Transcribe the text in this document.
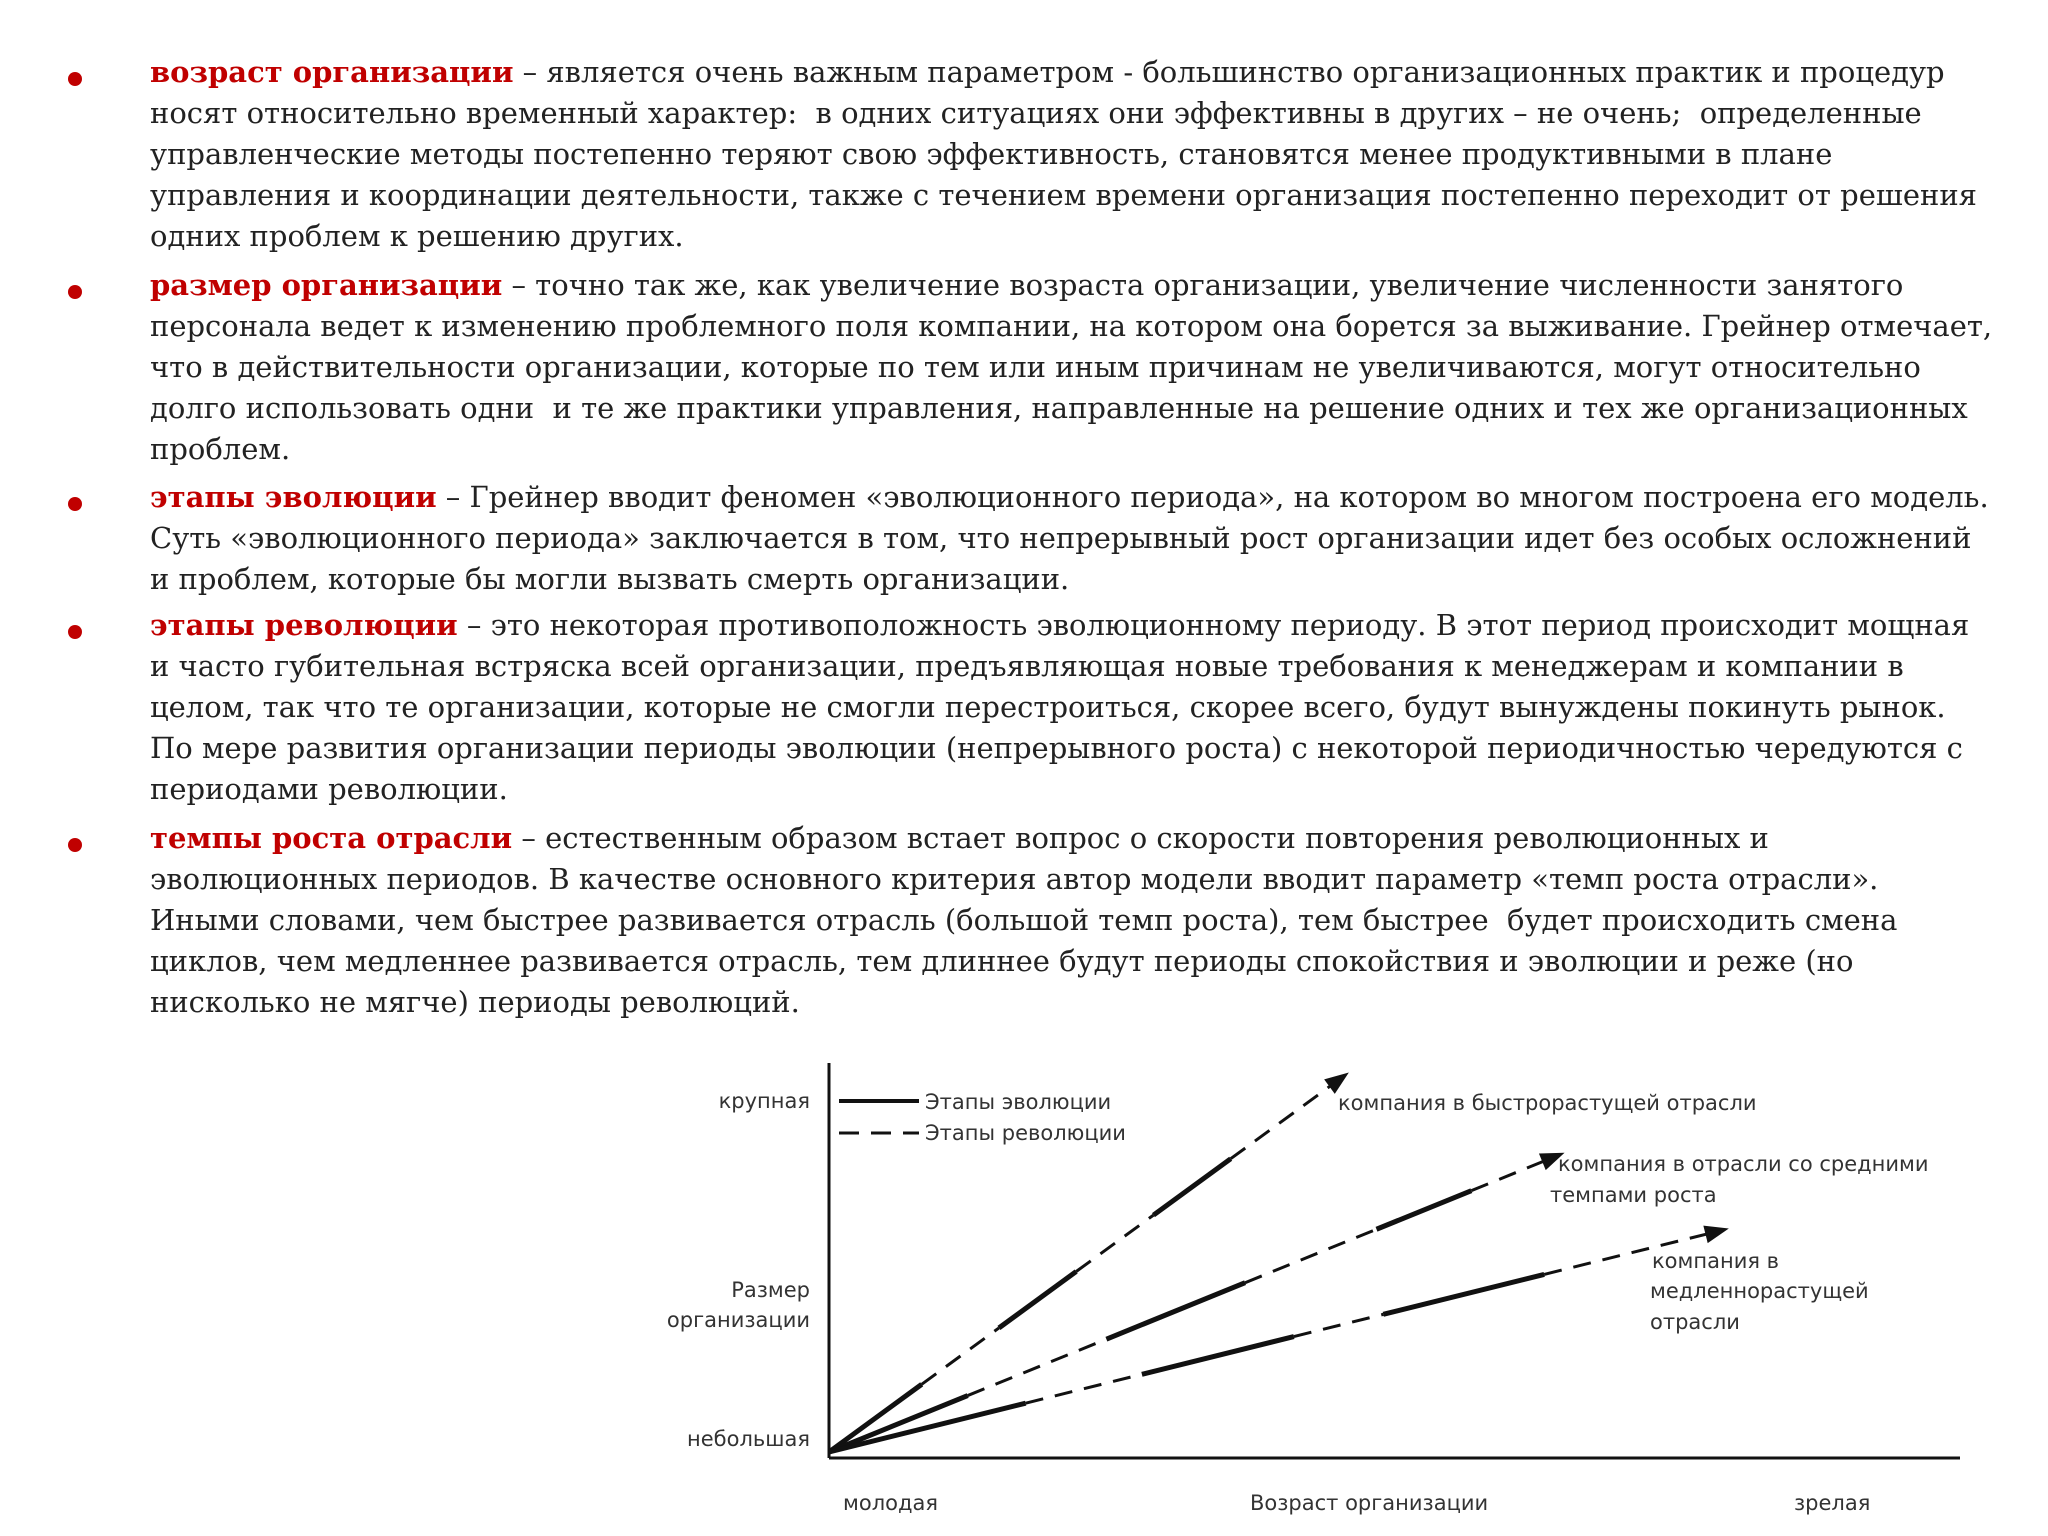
возраст организации – является очень важным параметром - большинство организационных практик и процедур
носят относительно временный характер:  в одних ситуациях они эффективны в других – не очень;  определенные
управленческие методы постепенно теряют свою эффективность, становятся менее продуктивными в плане
управления и координации деятельности, также с течением времени организация постепенно переходит от решения
одних проблем к решению других.
размер организации – точно так же, как увеличение возраста организации, увеличение численности занятого
персонала ведет к изменению проблемного поля компании, на котором она борется за выживание. Грейнер отмечает,
что в действительности организации, которые по тем или иным причинам не увеличиваются, могут относительно
долго использовать одни  и те же практики управления, направленные на решение одних и тех же организационных
проблем.
этапы эволюции – Грейнер вводит феномен «эволюционного периода», на котором во многом построена его модель.
Суть «эволюционного периода» заключается в том, что непрерывный рост организации идет без особых осложнений
и проблем, которые бы могли вызвать смерть организации.
этапы революции – это некоторая противоположность эволюционному периоду. В этот период происходит мощная
и часто губительная встряска всей организации, предъявляющая новые требования к менеджерам и компании в
целом, так что те организации, которые не смогли перестроиться, скорее всего, будут вынуждены покинуть рынок.
По мере развития организации периоды эволюции (непрерывного роста) с некоторой периодичностью чередуются с
периодами революции.
темпы роста отрасли – естественным образом встает вопрос о скорости повторения революционных и
эволюционных периодов. В качестве основного критерия автор модели вводит параметр «темп роста отрасли».
Иными словами, чем быстрее развивается отрасль (большой темп роста), тем быстрее  будет происходить смена
циклов, чем медленнее развивается отрасль, тем длиннее будут периоды спокойствия и эволюции и реже (но
нисколько не мягче) периоды революций.
крупная
Размер
организации
небольшая
молодая	Возраст организации	зрелая
Этапы эволюции
Этапы революции
компания в быстрорастущей отрасли
компания в отрасли со средними
темпами роста
компания в
медленнорастущей
отрасли
